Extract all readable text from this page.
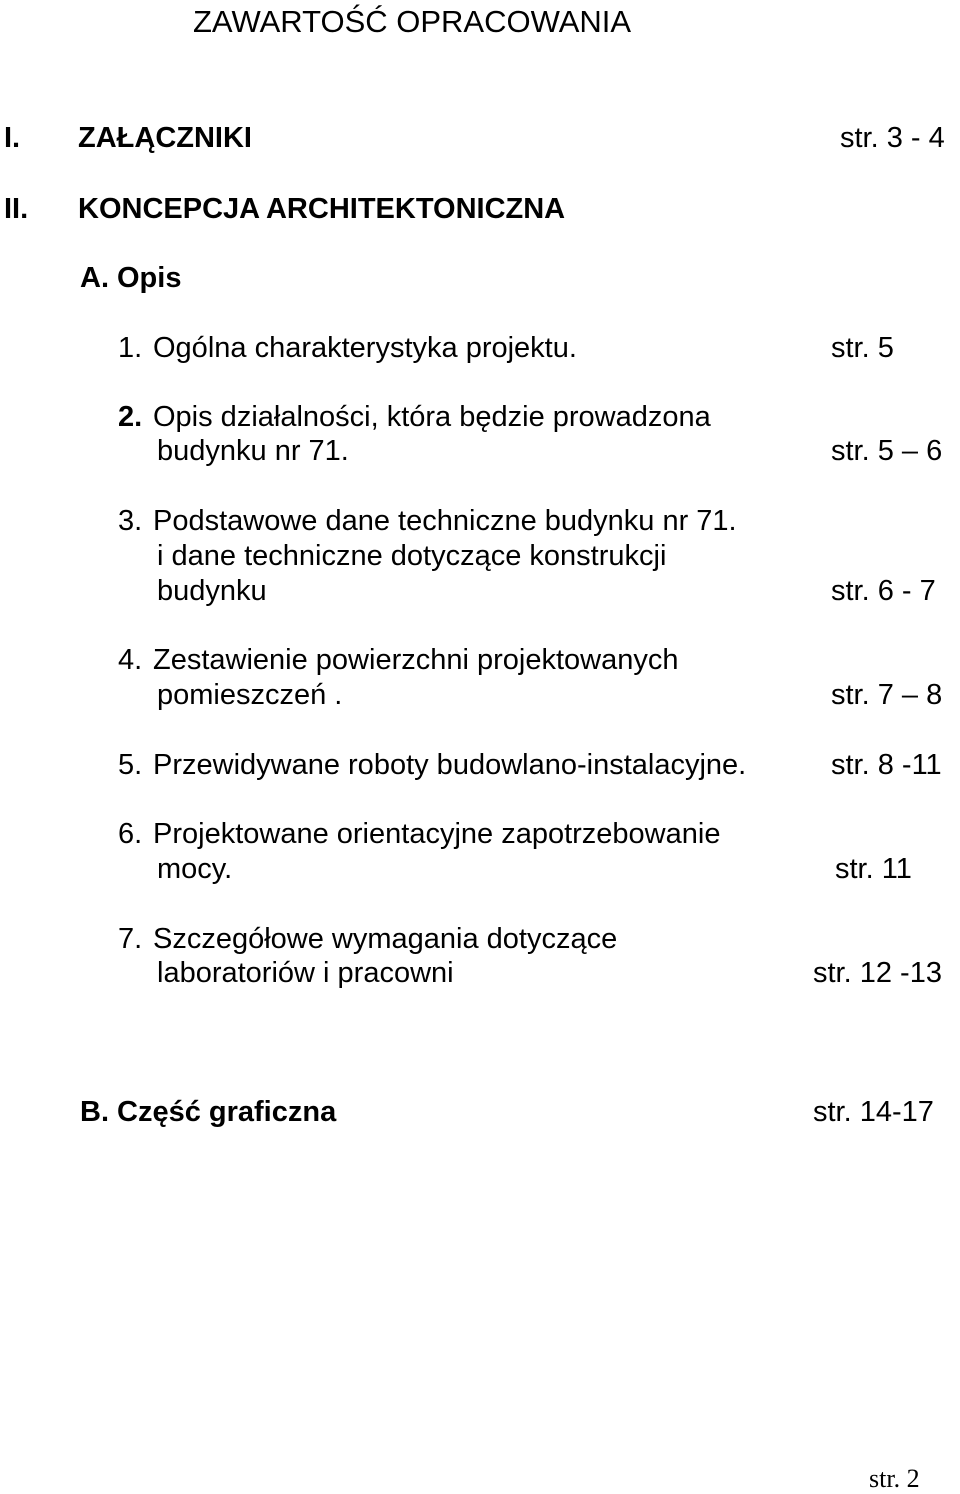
ZAWARTOŚĆ OPRACOWANIA
I. ZAŁĄCZNIKI	str. 3 - 4
II. KONCEPCJA ARCHITEKTONICZNA
A. Opis
1. Ogólna charakterystyka projektu.	str. 5
2. Opis działalności, która będzie prowadzona
budynku nr 71.	str. 5 – 6
3. Podstawowe dane techniczne budynku nr 71.
i dane techniczne dotyczące konstrukcji
budynku	str. 6 - 7
4. Zestawienie powierzchni projektowanych
pomieszczeń .	str. 7 – 8
5. Przewidywane roboty budowlano-instalacyjne.	str. 8 -11
6. Projektowane orientacyjne zapotrzebowanie
mocy.	str. 11
7. Szczegółowe wymagania dotyczące
laboratoriów i pracowni	str. 12 -13
B. Część graficzna	str. 14-17
str. 2
